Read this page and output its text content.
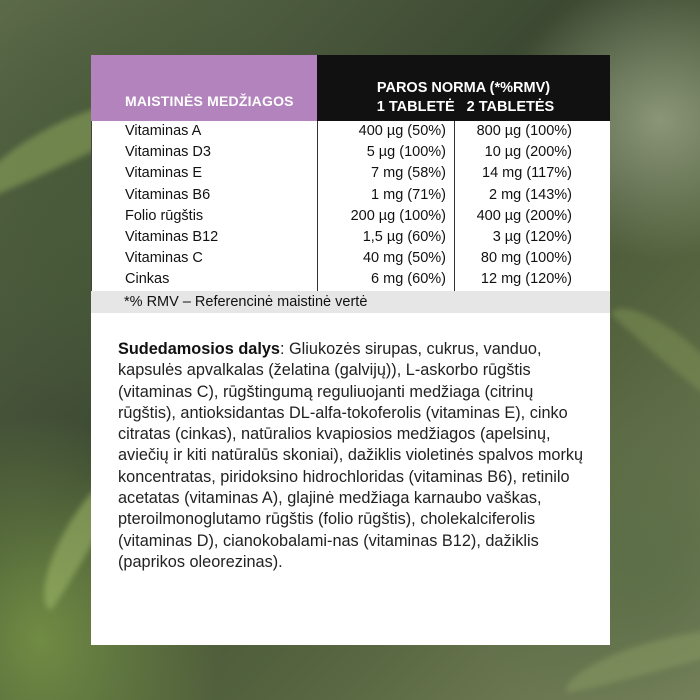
MAISTINĖS MEDŽIAGOS
PAROS NORMA (*%RMV)
1 TABLETĖ 2 TABLETĖS
Vitaminas A	400 µg (50%)	800 µg (100%)
Vitaminas D3	5 µg (100%)	10 µg (200%)
Vitaminas E	7 mg (58%)	14 mg (117%)
Vitaminas B6	1 mg (71%)	2 mg (143%)
Folio rūgštis	200 µg (100%)	400 µg (200%)
Vitaminas B12	1,5 µg (60%)	3 µg (120%)
Vitaminas C	40 mg (50%)	80 mg (100%)
Cinkas	6 mg (60%)	12 mg (120%)
*% RMV – Referencinė maistinė vertė
Sudedamosios dalys: Gliukozės sirupas, cukrus, vanduo, kapsulės apvalkalas (želatina (galvijų)), L-askorbo rūgštis (vitaminas C), rūgštingumą reguliuojanti medžiaga (citrinų rūgštis), antioksidantas DL-alfa-tokoferolis (vitaminas E), cinko citratas (cinkas), natūralios kvapiosios medžiagos (apelsinų, aviečių ir kiti natūralūs skoniai), dažiklis violetinės spalvos morkų koncentratas, piridoksino hidrochloridas (vitaminas B6), retinilo acetatas (vitaminas A), glajinė medžiaga karnaubo vaškas, pteroilmonoglutamo rūgštis (folio rūgštis), cholekalciferolis (vitaminas D), cianokobalami-nas (vitaminas B12), dažiklis (paprikos oleorezinas).
